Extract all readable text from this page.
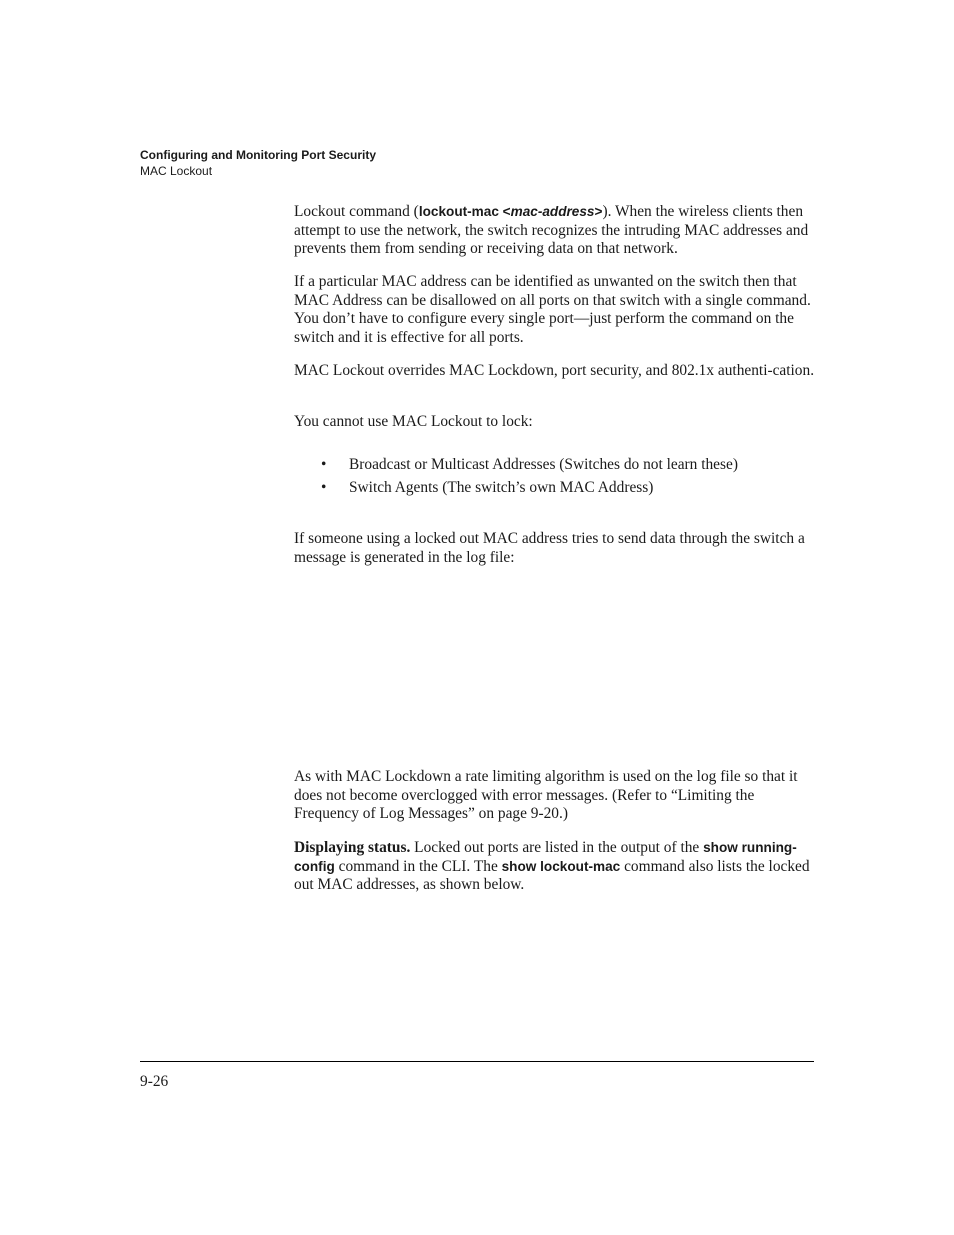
Configuring and Monitoring Port Security
MAC Lockout

Lockout command (lockout-mac <mac-address>). When the wireless clients then attempt to use the network, the switch recognizes the intruding MAC addresses and prevents them from sending or receiving data on that network.

If a particular MAC address can be identified as unwanted on the switch then that MAC Address can be disallowed on all ports on that switch with a single command. You don’t have to configure every single port—just perform the command on the switch and it is effective for all ports.

MAC Lockout overrides MAC Lockdown, port security, and 802.1x authenti-cation.

You cannot use MAC Lockout to lock:

•	Broadcast or Multicast Addresses (Switches do not learn these)
•	Switch Agents (The switch’s own MAC Address)

If someone using a locked out MAC address tries to send data through the switch a message is generated in the log file:

As with MAC Lockdown a rate limiting algorithm is used on the log file so that it does not become overclogged with error messages. (Refer to “Limiting the Frequency of Log Messages” on page 9-20.)

Displaying status. Locked out ports are listed in the output of the show running-config command in the CLI. The show lockout-mac command also lists the locked out MAC addresses, as shown below.

9-26
